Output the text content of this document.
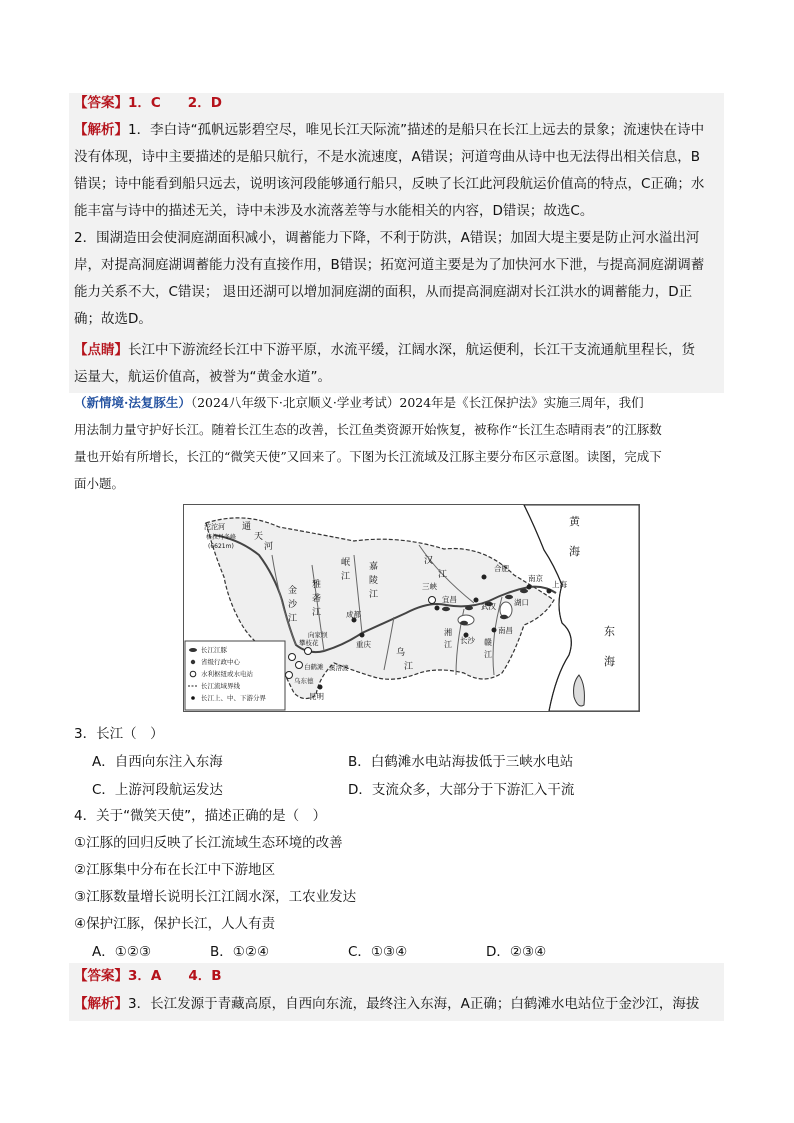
【答案】1．C　　2．D
【解析】1．李白诗“孤帆远影碧空尽，唯见长江天际流”描述的是船只在长江上远去的景象；流速快在诗中
没有体现，诗中主要描述的是船只航行，不是水流速度，A错误；河道弯曲从诗中也无法得出相关信息，B
错误；诗中能看到船只远去，说明该河段能够通行船只，反映了长江此河段航运价值高的特点，C正确；水
能丰富与诗中的描述无关，诗中未涉及水流落差等与水能相关的内容，D错误；故选C。
2．围湖造田会使洞庭湖面积减小，调蓄能力下降，不利于防洪，A错误；加固大堤主要是防止河水溢出河
岸，对提高洞庭湖调蓄能力没有直接作用，B错误；拓宽河道主要是为了加快河水下泄，与提高洞庭湖调蓄
能力关系不大，C错误； 退田还湖可以增加洞庭湖的面积，从而提高洞庭湖对长江洪水的调蓄能力，D正
确；故选D。
【点睛】长江中下游流经长江中下游平原，水流平缓，江阔水深，航运便利，长江干支流通航里程长，货
运量大，航运价值高，被誉为“黄金水道”。
（新情境·法复豚生）（2024八年级下·北京顺义·学业考试）2024年是《长江保护法》实施三周年，我们
用法制力量守护好长江。随着长江生态的改善，长江鱼类资源开始恢复，被称作“长江生态晴雨表”的江豚数
量也开始有所增长，长江的“微笑天使”又回来了。下图为长江流域及江豚主要分布区示意图。读图，完成下
面小题。
长江江豚
省级行政中心
水利枢纽或水电站
长江流域界线
长江上、中、下游分界
沱沱河
格拉丹冬峰
(6621m)
通
天
河
金
沙
江
雅
砻
江
岷
江
嘉
陵
江
汉
江
乌
江
湘
江	赣
江
黄
海
东
海
上海
南京
合肥
武汉
宜昌
三峡
湖口
南昌
长沙
成都
重庆
攀枝花
向家坝
白鹤滩 溪洛渡
乌东德
昆明
3．长江（　）
A．自西向东注入东海	B．白鹤滩水电站海拔低于三峡水电站
C．上游河段航运发达	D．支流众多，大部分于下游汇入干流
4．关于“微笑天使”，描述正确的是（　）
①江豚的回归反映了长江流域生态环境的改善
②江豚集中分布在长江中下游地区
③江豚数量增长说明长江江阔水深，工农业发达
④保护江豚，保护长江，人人有责
A．①②③	B．①②④	C．①③④	D．②③④
【答案】3．A　　4．B
【解析】3．长江发源于青藏高原，自西向东流，最终注入东海，A正确；白鹤滩水电站位于金沙江，海拔
